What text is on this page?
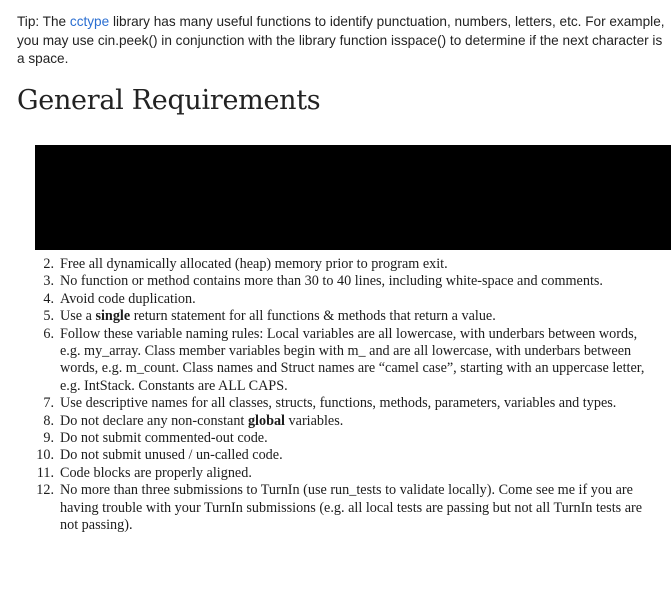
Tip: The cctype library has many useful functions to identify punctuation, numbers, letters, etc. For example, you may use cin.peek() in conjunction with the library function isspace() to determine if the next character is a space.
General Requirements
2. Free all dynamically allocated (heap) memory prior to program exit.
3. No function or method contains more than 30 to 40 lines, including white-space and comments.
4. Avoid code duplication.
5. Use a single return statement for all functions & methods that return a value.
6. Follow these variable naming rules: Local variables are all lowercase, with underbars between words, e.g. my_array. Class member variables begin with m_ and are all lowercase, with underbars between words, e.g. m_count. Class names and Struct names are “camel case”, starting with an uppercase letter, e.g. IntStack. Constants are ALL CAPS.
7. Use descriptive names for all classes, structs, functions, methods, parameters, variables and types.
8. Do not declare any non-constant global variables.
9. Do not submit commented-out code.
10. Do not submit unused / un-called code.
11. Code blocks are properly aligned.
12. No more than three submissions to TurnIn (use run_tests to validate locally). Come see me if you are having trouble with your TurnIn submissions (e.g. all local tests are passing but not all TurnIn tests are not passing).
